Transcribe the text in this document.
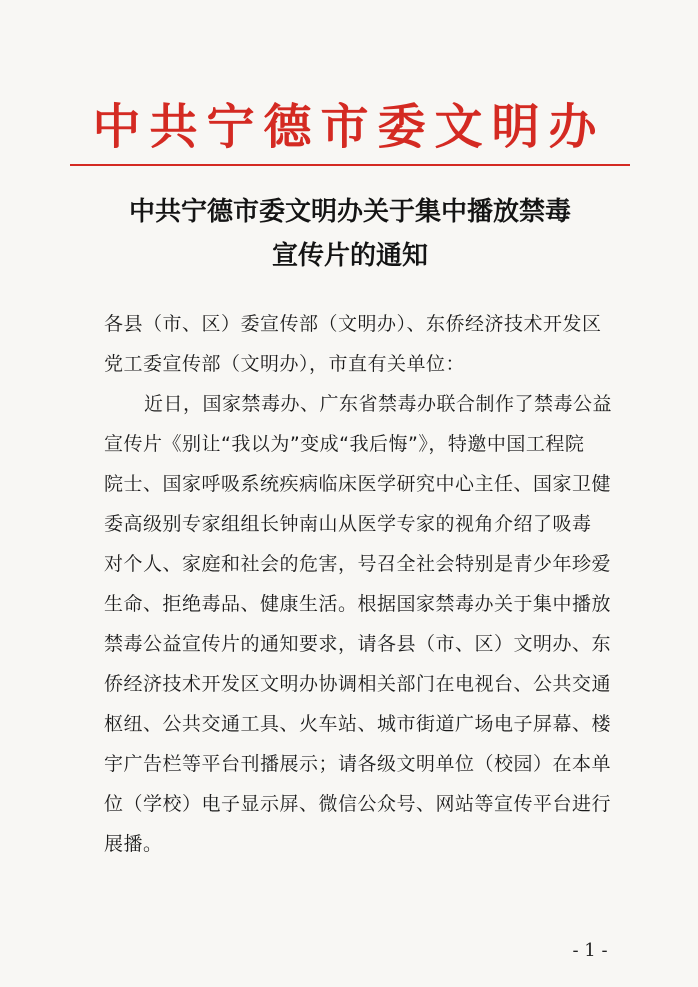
中共宁德市委文明办
中共宁德市委文明办关于集中播放禁毒
宣传片的通知
各县（市、区）委宣传部（文明办）、东侨经济技术开发区
党工委宣传部（文明办），市直有关单位：
近日，国家禁毒办、广东省禁毒办联合制作了禁毒公益
宣传片《别让“我以为”变成“我后悔”》，特邀中国工程院
院士、国家呼吸系统疾病临床医学研究中心主任、国家卫健
委高级别专家组组长钟南山从医学专家的视角介绍了吸毒
对个人、家庭和社会的危害，号召全社会特别是青少年珍爱
生命、拒绝毒品、健康生活。根据国家禁毒办关于集中播放
禁毒公益宣传片的通知要求，请各县（市、区）文明办、东
侨经济技术开发区文明办协调相关部门在电视台、公共交通
枢纽、公共交通工具、火车站、城市街道广场电子屏幕、楼
宇广告栏等平台刊播展示；请各级文明单位（校园）在本单
位（学校）电子显示屏、微信公众号、网站等宣传平台进行
展播。
- 1 -
